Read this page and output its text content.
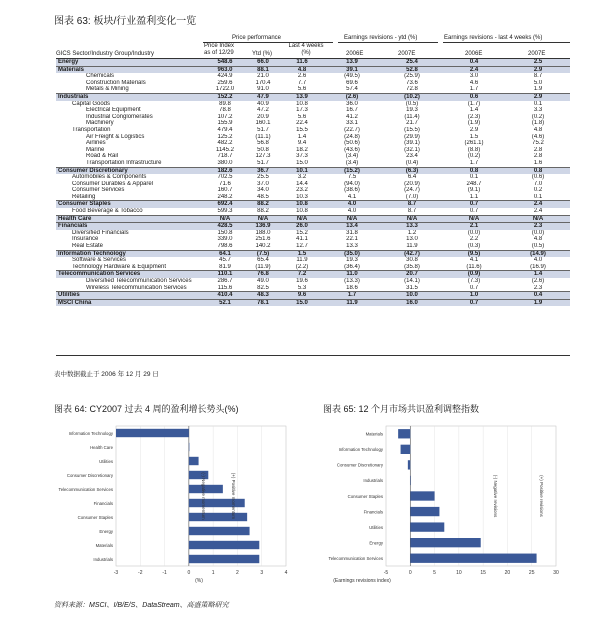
图表 63: 板块/行业盈利变化一览
Price performance	Earnings revisions - ytd (%)	Earnings revisions - last 4 weeks (%)
GICS Sector/Industry Group/Industry
Price Index as of 12/29	Ytd (%)
Last 4 weeks (%)	2006E	2007E	2006E	2007E
Energy	548.6	66.0	11.6	13.9	25.4	0.4	2.5
Materials	963.0	88.1	4.8	39.1	52.8	2.4	2.9
Chemicals	424.9	21.0	2.6	(49.5)	(25.9)	3.0	8.7
Construction Materials	259.6	170.4	7.7	69.6	73.6	4.6	5.0
Metals & Mining	1722.0	91.0	5.6	57.4	72.8	1.7	1.9
Industrials	152.2	47.9	13.9	(2.6)	(10.2)	0.6	2.9
Capital Goods	89.8	40.9	10.8	36.0	(0.5)	(1.7)	0.1
Electrical Equipment	78.8	47.2	17.3	16.7	19.3	1.4	3.3
Industrial Conglomerates	107.2	20.9	5.6	41.2	(11.4)	(2.3)	(0.2)
Machinery	155.9	160.1	22.4	33.1	21.7	(1.9)	(1.8)
Transportation	479.4	51.7	15.5	(22.7)	(15.5)	2.9	4.8
Air Freight & Logistics	125.2	(11.1)	1.4	(24.8)	(29.9)	1.5	(4.6)
Airlines	482.2	56.8	9.4	(50.6)	(39.1)	(261.1)	75.2
Marine	1145.2	50.8	18.2	(43.6)	(32.1)	(8.8)	2.8
Road & Rail	718.7	127.3	37.3	(3.4)	23.4	(0.2)	2.8
Transportation Infrastructure	380.0	51.7	15.0	(3.4)	(0.4)	1.7	1.6
Consumer Discretionary	182.6	36.7	10.1	(15.2)	(6.3)	0.8	0.8
Automobiles & Components	702.5	25.5	3.2	7.5	6.4	0.1	(0.6)
Consumer Durables & Apparel	71.6	37.0	14.4	(94.0)	(20.9)	248.7	7.0
Consumer Services	160.7	34.0	23.2	(38.6)	(24.7)	(9.1)	0.2
Retailing	248.2	48.5	10.3	4.1	(7.0)	1.1	0.1
Consumer Staples	692.4	88.2	10.8	4.0	8.7	0.7	2.4
Food Beverage & Tobacco	599.3	88.2	10.8	4.0	8.7	0.7	2.4
Health Care	N/A	N/A	N/A	N/A	N/A	N/A	N/A
Financials	428.5	136.9	26.0	13.4	13.3	2.1	2.3
Diversified Financials	150.8	188.0	15.2	31.8	1.2	(0.0)	(0.0)
Insurance	339.0	251.6	41.1	22.1	13.0	2.2	4.8
Real Estate	798.6	140.2	12.7	13.3	11.9	(0.3)	(0.5)
Information Technology	64.1	(7.5)	1.5	(35.0)	(42.7)	(9.5)	(14.9)
Software & Services	45.7	65.4	11.9	19.3	30.8	4.1	4.0
Technology Hardware & Equipment	81.9	(11.9)	(2.2)	(36.4)	(35.8)	(11.6)	(16.9)
Telecommunication Services	110.1	76.8	7.2	11.0	20.7	(0.9)	1.4
Diversified Telecommunication Services	286.7	49.0	19.6	(13.3)	(14.1)	(7.3)	(2.6)
Wireless Telecommunication Services	115.6	82.5	5.3	18.6	31.5	0.7	2.3
Utilities	410.4	48.3	9.6	1.7	10.0	1.0	0.4
MSCI China	52.1	78.1	15.0	11.9	16.0	0.7	1.9
表中数据截止于 2006 年 12 月 29 日
图表 64: CY2007 过去 4 周的盈利增长势头(%)	图表 65: 12 个月市场共识盈利调整指数
-3	-2	-1	0	1	2	3	4
Information Technology
Health Care
Utilities
Consumer Discretionary
Telecommunication Services
Financials
Consumer Staples
Energy
Materials
Industrials
(%)
(-) Negative momentum	(+) Positive momentum
-5	0	5	10	15	20	25	30
Materials
Information Technology
Consumer Discretionary
Industrials
Consumer Staples
Financials
Utilities
Energy
Telecommunication Services
(Earnings revisions index)
(-) Negative revisions	(+) Positive revisions
资料来源：MSCI、I/B/E/S、DataStream、高盛策略研究
